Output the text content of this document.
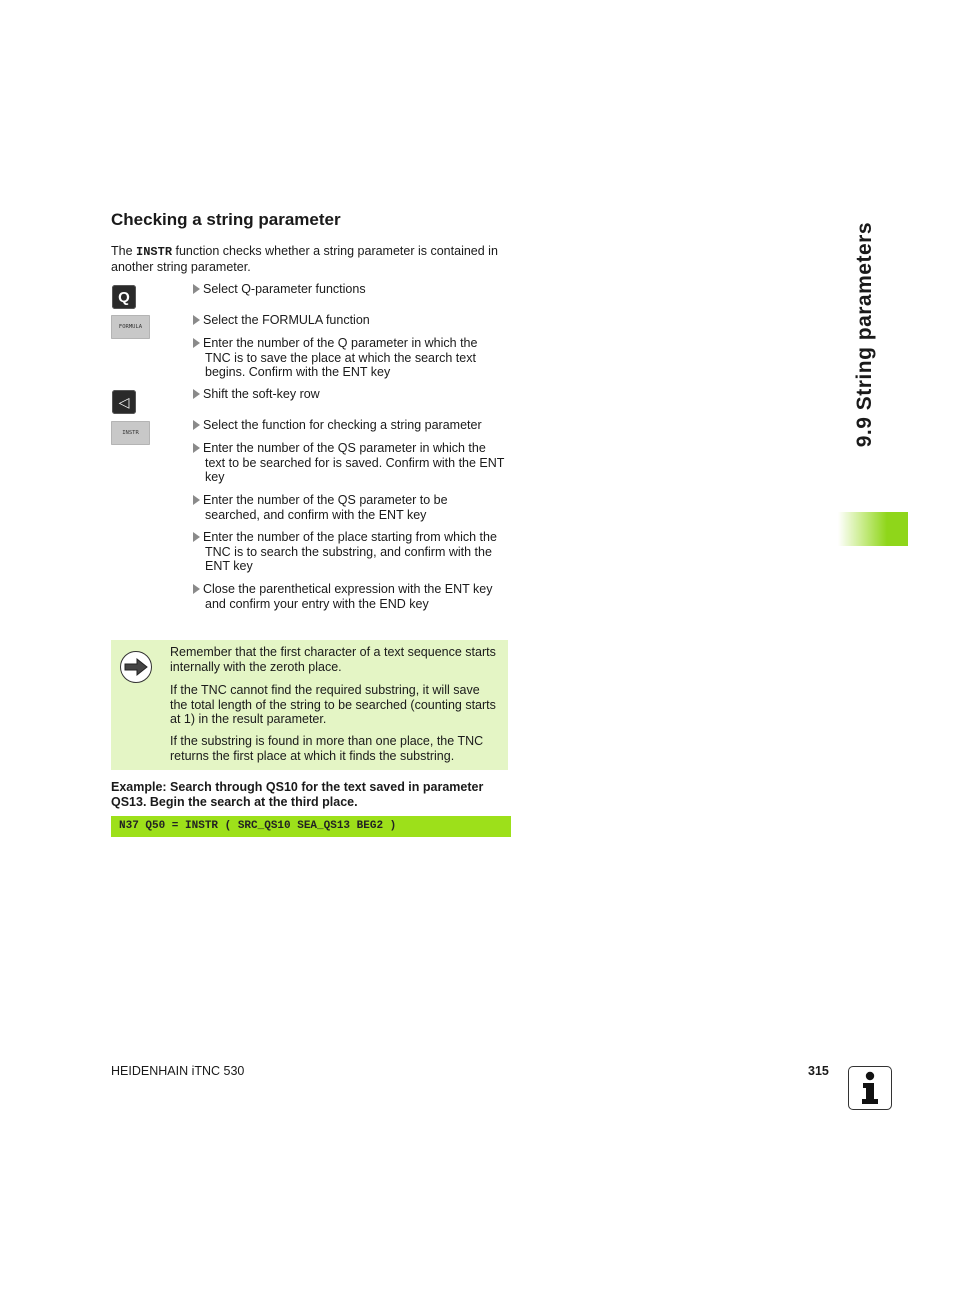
Checking a string parameter

The INSTR function checks whether a string parameter is contained in another string parameter.

Q
FORMULA
◁
INSTR

Select Q-parameter functions

Select the FORMULA function

Enter the number of the Q parameter in which the
TNC is to save the place at which the search text begins. Confirm with the ENT key

Shift the soft-key row

Select the function for checking a string parameter

Enter the number of the QS parameter in which the
text to be searched for is saved. Confirm with the ENT key

Enter the number of the QS parameter to be
searched, and confirm with the ENT key

Enter the number of the place starting from which the
TNC is to search the substring, and confirm with the ENT key

Close the parenthetical expression with the ENT key
and confirm your entry with the END key

Remember that the first character of a text sequence starts internally with the zeroth place.

If the TNC cannot find the required substring, it will save the total length of the string to be searched (counting starts at 1) in the result parameter.

If the substring is found in more than one place, the TNC returns the first place at which it finds the substring.

Example: Search through QS10 for the text saved in parameter QS13. Begin the search at the third place.

N37 Q50 = INSTR ( SRC_QS10 SEA_QS13 BEG2 )
9.9 String parameters

HEIDENHAIN iTNC 530	315
